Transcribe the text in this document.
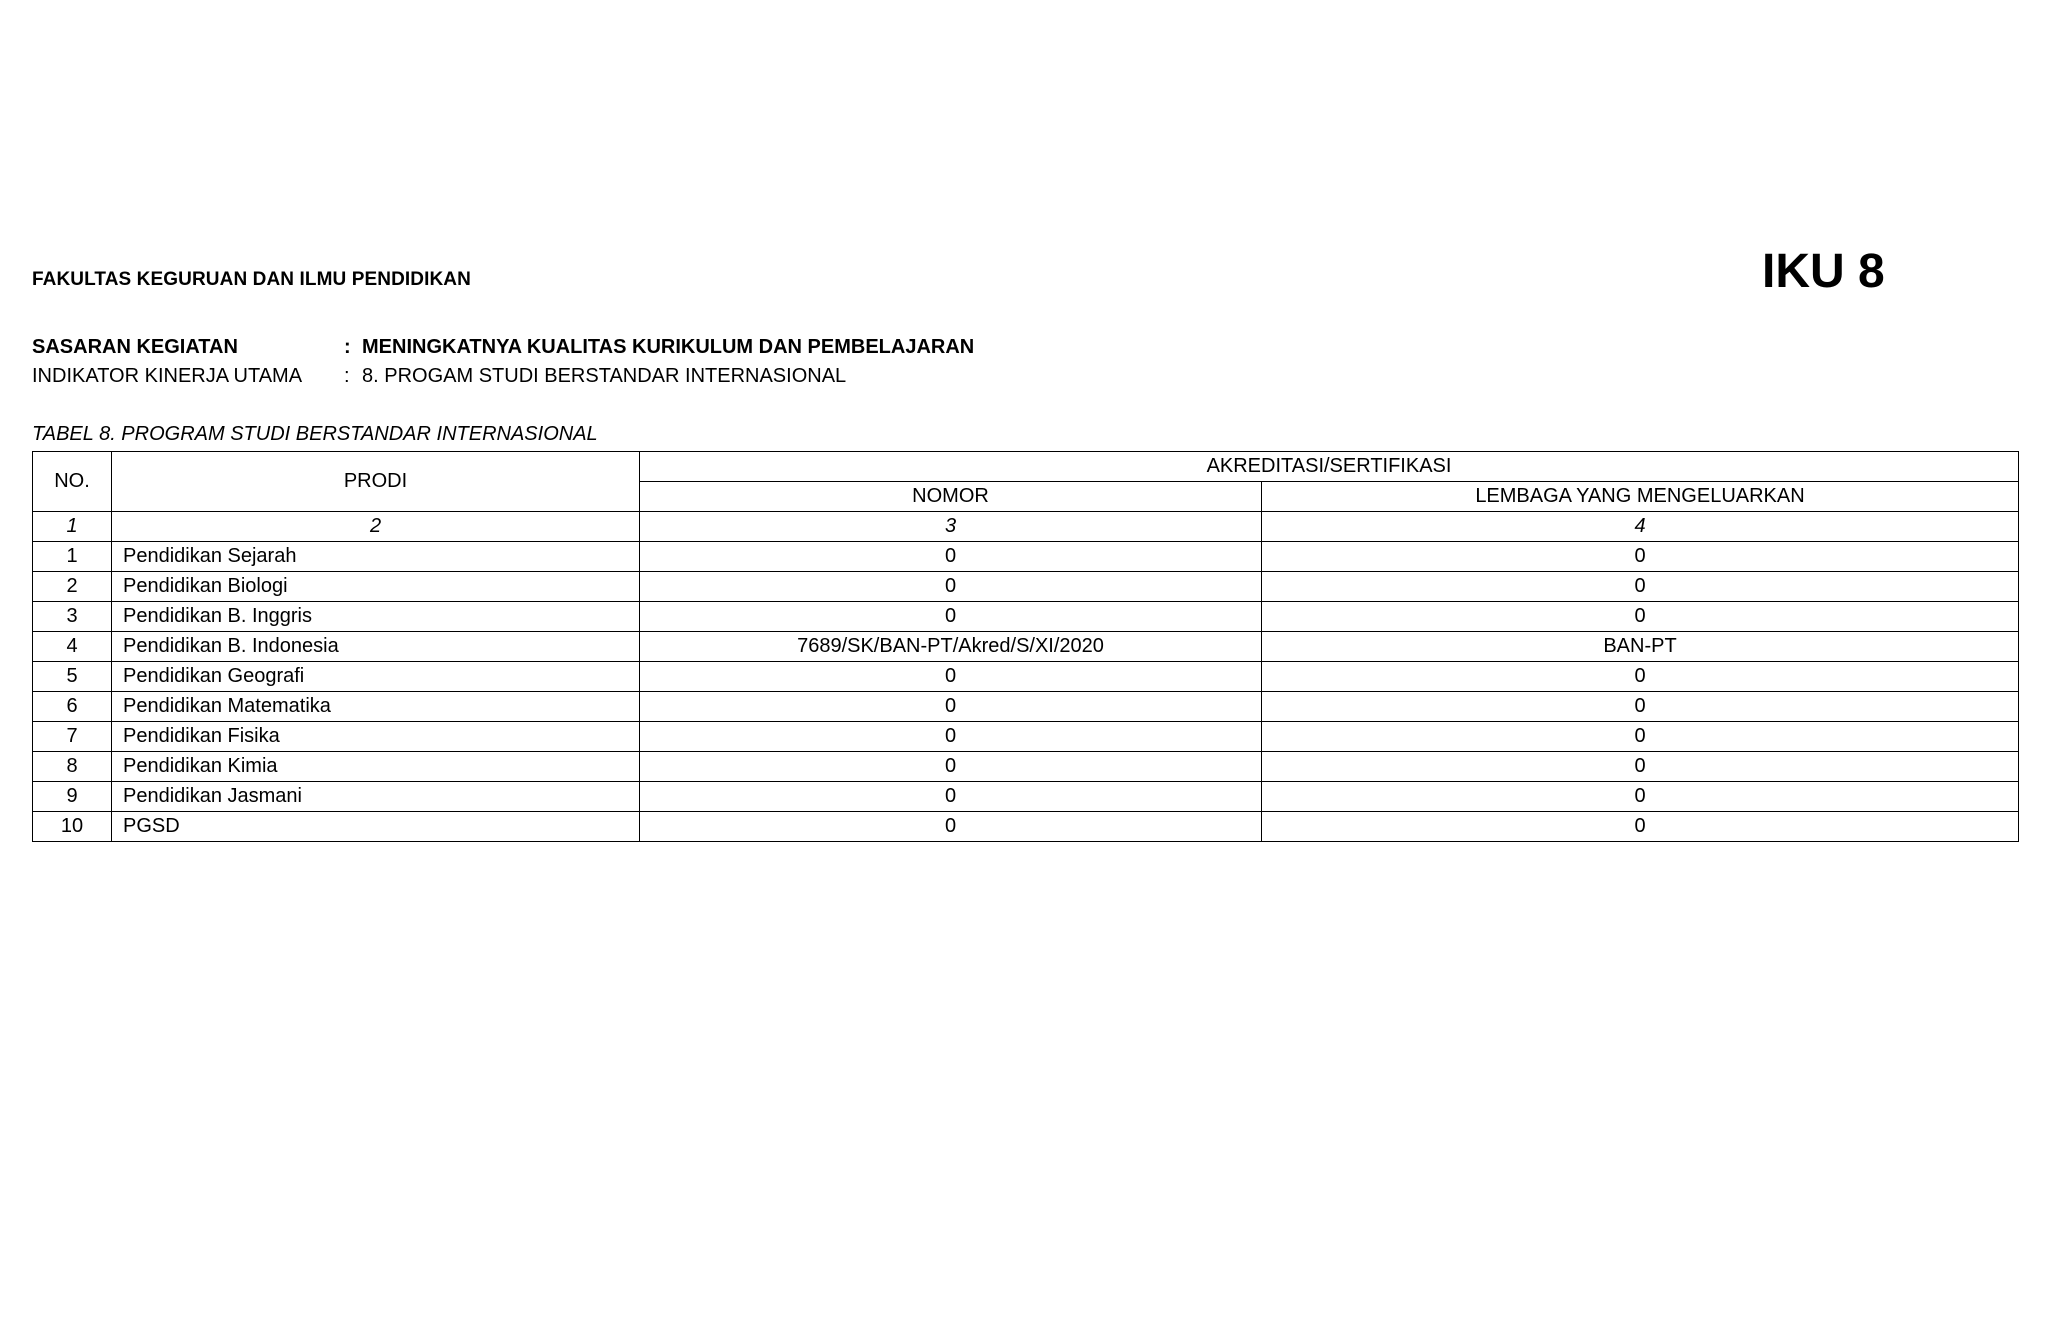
FAKULTAS KEGURUAN DAN ILMU PENDIDIKAN	IKU 8
SASARAN KEGIATAN	: MENINGKATNYA KUALITAS KURIKULUM DAN PEMBELAJARAN
INDIKATOR KINERJA UTAMA	: 8. PROGAM STUDI BERSTANDAR INTERNASIONAL
TABEL 8. PROGRAM STUDI BERSTANDAR INTERNASIONAL
NO.	PRODI	AKREDITASI/SERTIFIKASI	
		NOMOR	LEMBAGA YANG MENGELUARKAN
1	2	3	4
1	Pendidikan Sejarah	0	0
2	Pendidikan Biologi	0	0
3	Pendidikan B. Inggris	0	0
4	Pendidikan B. Indonesia	7689/SK/BAN-PT/Akred/S/XI/2020	BAN-PT
5	Pendidikan Geografi	0	0
6	Pendidikan Matematika	0	0
7	Pendidikan Fisika	0	0
8	Pendidikan Kimia	0	0
9	Pendidikan Jasmani	0	0
10	PGSD	0	0
